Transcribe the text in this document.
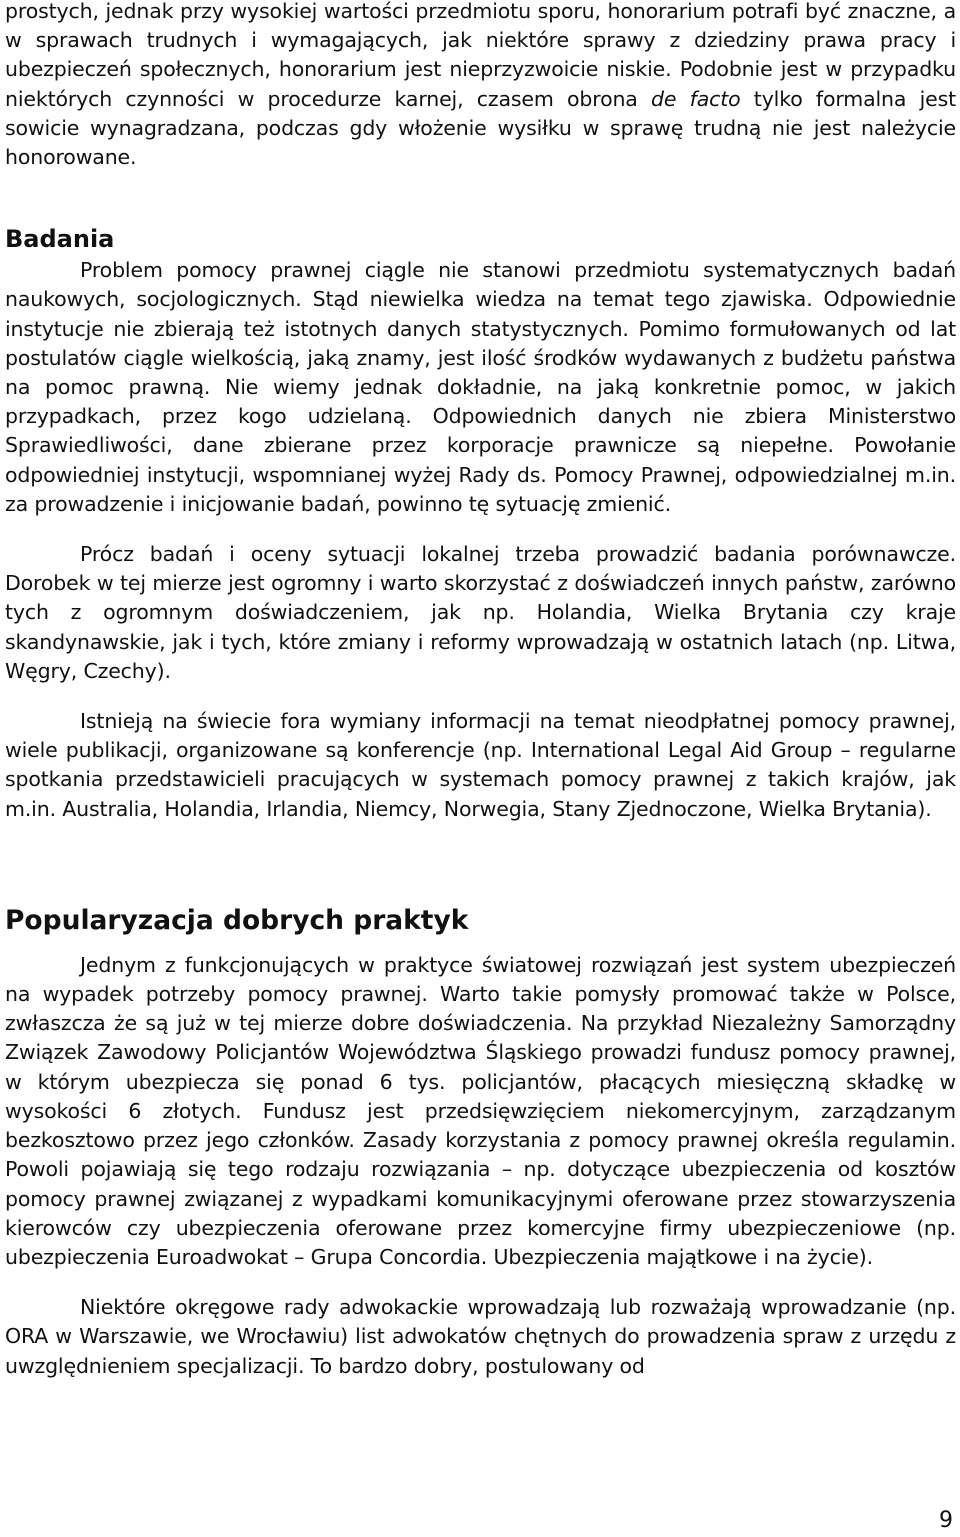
prostych, jednak przy wysokiej wartości przedmiotu sporu, honorarium potrafi być znaczne, a w sprawach trudnych i wymagających, jak niektóre sprawy z dziedziny prawa pracy i ubezpieczeń społecznych, honorarium jest nieprzyzwoicie niskie. Podobnie jest w przypadku niektórych czynności w procedurze karnej, czasem obrona de facto tylko formalna jest sowicie wynagradzana, podczas gdy włożenie wysiłku w sprawę trudną nie jest należycie honorowane.

Badania

Problem pomocy prawnej ciągle nie stanowi przedmiotu systematycznych badań naukowych, socjologicznych. Stąd niewielka wiedza na temat tego zjawiska. Odpowiednie instytucje nie zbierają też istotnych danych statystycznych. Pomimo formułowanych od lat postulatów ciągle wielkością, jaką znamy, jest ilość środków wydawanych z budżetu państwa na pomoc prawną. Nie wiemy jednak dokładnie, na jaką konkretnie pomoc, w jakich przypadkach, przez kogo udzielaną. Odpowiednich danych nie zbiera Ministerstwo Sprawiedliwości, dane zbierane przez korporacje prawnicze są niepełne. Powołanie odpowiedniej instytucji, wspomnianej wyżej Rady ds. Pomocy Prawnej, odpowiedzialnej m.in. za prowadzenie i inicjowanie badań, powinno tę sytuację zmienić.

Prócz badań i oceny sytuacji lokalnej trzeba prowadzić badania porównawcze. Dorobek w tej mierze jest ogromny i warto skorzystać z doświadczeń innych państw, zarówno tych z ogromnym doświadczeniem, jak np. Holandia, Wielka Brytania czy kraje skandynawskie, jak i tych, które zmiany i reformy wprowadzają w ostatnich latach (np. Litwa, Węgry, Czechy).

Istnieją na świecie fora wymiany informacji na temat nieodpłatnej pomocy prawnej, wiele publikacji, organizowane są konferencje (np. International Legal Aid Group – regularne spotkania przedstawicieli pracujących w systemach pomocy prawnej z takich krajów, jak m.in. Australia, Holandia, Irlandia, Niemcy, Norwegia, Stany Zjednoczone, Wielka Brytania).

Popularyzacja dobrych praktyk

Jednym z funkcjonujących w praktyce światowej rozwiązań jest system ubezpieczeń na wypadek potrzeby pomocy prawnej. Warto takie pomysły promować także w Polsce, zwłaszcza że są już w tej mierze dobre doświadczenia. Na przykład Niezależny Samorządny Związek Zawodowy Policjantów Województwa Śląskiego prowadzi fundusz pomocy prawnej, w którym ubezpiecza się ponad 6 tys. policjantów, płacących miesięczną składkę w wysokości 6 złotych. Fundusz jest przedsięwzięciem niekomercyjnym, zarządzanym bezkosztowo przez jego członków. Zasady korzystania z pomocy prawnej określa regulamin. Powoli pojawiają się tego rodzaju rozwiązania – np. dotyczące ubezpieczenia od kosztów pomocy prawnej związanej z wypadkami komunikacyjnymi oferowane przez stowarzyszenia kierowców czy ubezpieczenia oferowane przez komercyjne firmy ubezpieczeniowe (np. ubezpieczenia Euroadwokat – Grupa Concordia. Ubezpieczenia majątkowe i na życie).

Niektóre okręgowe rady adwokackie wprowadzają lub rozważają wprowadzanie (np. ORA w Warszawie, we Wrocławiu) list adwokatów chętnych do prowadzenia spraw z urzędu z uwzględnieniem specjalizacji. To bardzo dobry, postulowany od

9
